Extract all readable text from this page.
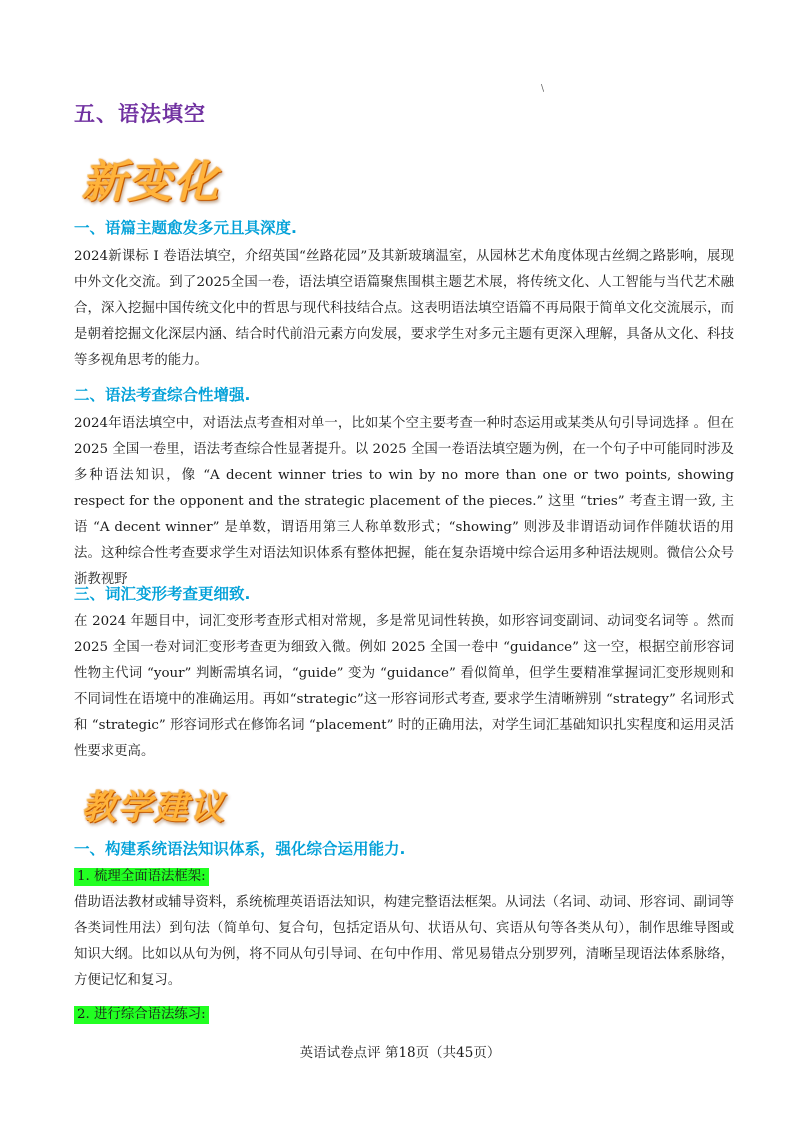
\
五、语法填空
新变化
一、语篇主题愈发多元且具深度.
2024新课标 I 卷语法填空，介绍英国“丝路花园”及其新玻璃温室，从园林艺术角度体现古丝绸之路影响，展现中外文化交流。到了2025全国一卷，语法填空语篇聚焦围棋主题艺术展，将传统文化、人工智能与当代艺术融合，深入挖掘中国传统文化中的哲思与现代科技结合点。这表明语法填空语篇不再局限于简单文化交流展示，而是朝着挖掘文化深层内涵、结合时代前沿元素方向发展，要求学生对多元主题有更深入理解，具备从文化、科技等多视角思考的能力。
二、语法考查综合性增强.
2024年语法填空中，对语法点考查相对单一，比如某个空主要考查一种时态运用或某类从句引导词选择 。但在 2025 全国一卷里，语法考查综合性显著提升。以 2025 全国一卷语法填空题为例，在一个句子中可能同时涉及多种语法知识，像 “A decent winner tries to win by no more than one or two points, showing respect for the opponent and the strategic placement of the pieces.” 这里 “tries” 考查主谓一致, 主语 “A decent winner” 是单数，谓语用第三人称单数形式；“showing” 则涉及非谓语动词作伴随状语的用法。这种综合性考查要求学生对语法知识体系有整体把握，能在复杂语境中综合运用多种语法规则。微信公众号 浙教视野
三、词汇变形考查更细致.
在 2024 年题目中，词汇变形考查形式相对常规，多是常见词性转换，如形容词变副词、动词变名词等 。然而 2025 全国一卷对词汇变形考查更为细致入微。例如 2025 全国一卷中 “guidance” 这一空，根据空前形容词性物主代词 “your” 判断需填名词，“guide” 变为 “guidance” 看似简单，但学生要精准掌握词汇变形规则和不同词性在语境中的准确运用。再如“strategic”这一形容词形式考查, 要求学生清晰辨别 “strategy” 名词形式和 “strategic” 形容词形式在修饰名词 “placement” 时的正确用法，对学生词汇基础知识扎实程度和运用灵活性要求更高。
教学建议
一、构建系统语法知识体系，强化综合运用能力.
1. 梳理全面语法框架:
借助语法教材或辅导资料，系统梳理英语语法知识，构建完整语法框架。从词法（名词、动词、形容词、副词等各类词性用法）到句法（简单句、复合句，包括定语从句、状语从句、宾语从句等各类从句），制作思维导图或知识大纲。比如以从句为例，将不同从句引导词、在句中作用、常见易错点分别罗列，清晰呈现语法体系脉络，方便记忆和复习。
2. 进行综合语法练习:
英语试卷点评 第18页（共45页）
